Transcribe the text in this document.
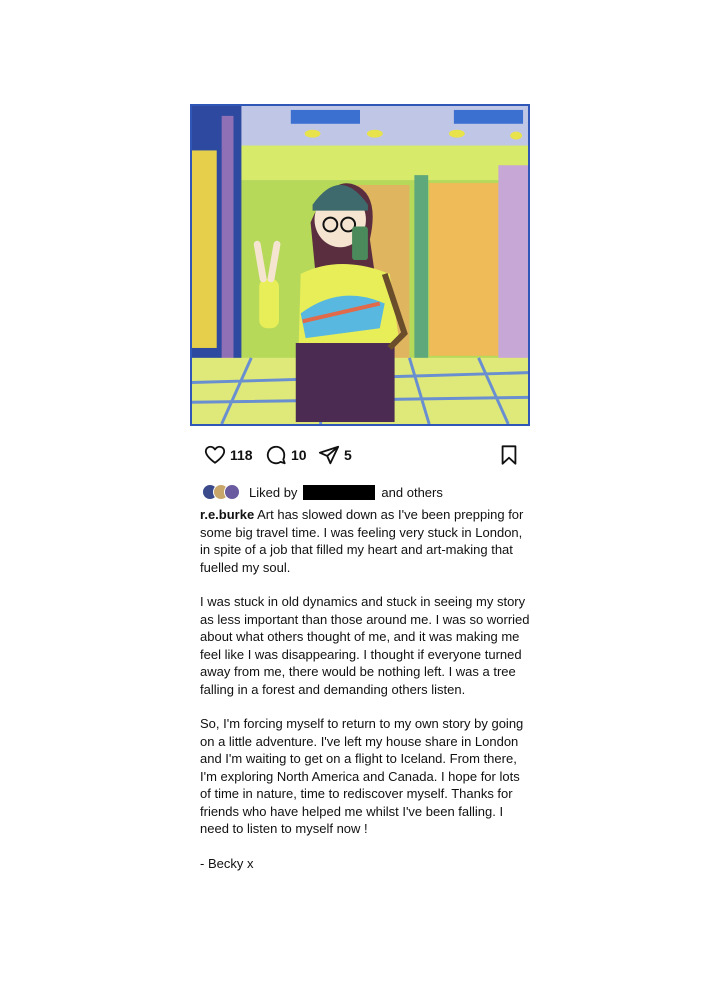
118	10	5
Liked by	and others

r.e.burke Art has slowed down as I've been prepping for some big travel time. I was feeling very stuck in London, in spite of a job that filled my heart and art-making that fuelled my soul.

I was stuck in old dynamics and stuck in seeing my story as less important than those around me. I was so worried about what others thought of me, and it was making me feel like I was disappearing. I thought if everyone turned away from me, there would be nothing left. I was a tree falling in a forest and demanding others listen.

So, I'm forcing myself to return to my own story by going on a little adventure. I've left my house share in London and I'm waiting to get on a flight to Iceland. From there, I'm exploring North America and Canada. I hope for lots of time in nature, time to rediscover myself. Thanks for friends who have helped me whilst I've been falling. I need to listen to myself now !

- Becky x
